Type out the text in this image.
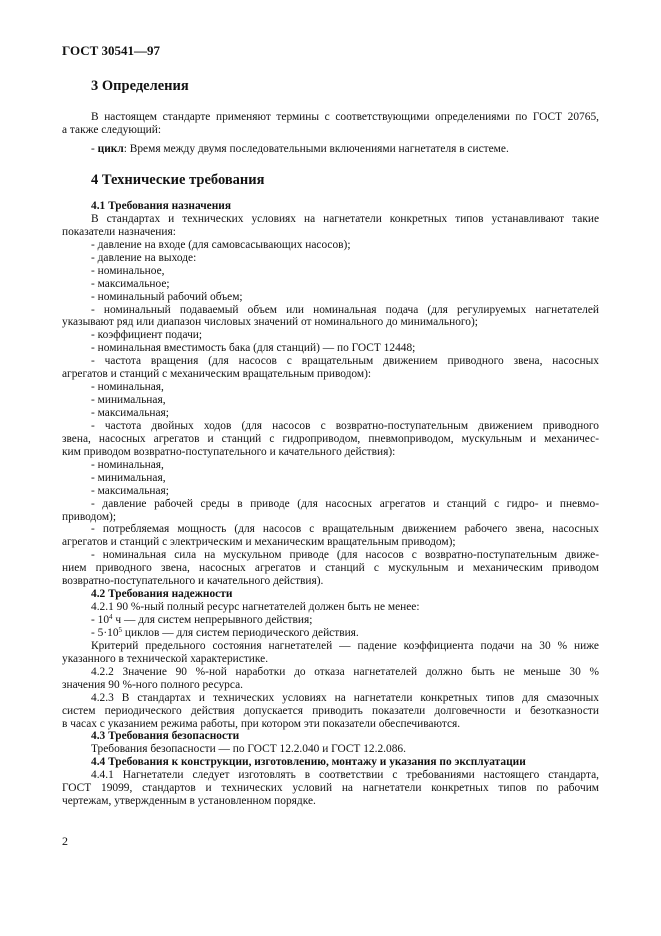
ГОСТ 30541—97
3 Определения
В настоящем стандарте применяют термины с соответствующими определениями по ГОСТ 20765,
а также следующий:
- цикл: Время между двумя последовательными включениями нагнетателя в системе.
4 Технические требования
4.1 Требования назначения
В стандартах и технических условиях на нагнетатели конкретных типов устанавливают такие
показатели назначения:
- давление на входе (для самовсасывающих насосов);
- давление на выходе:
- номинальное,
- максимальное;
- номинальный рабочий объем;
- номинальный подаваемый объем или номинальная подача (для регулируемых нагнетателей
указывают ряд или диапазон числовых значений от номинального до минимального);
- коэффициент подачи;
- номинальная вместимость бака (для станций) — по ГОСТ 12448;
- частота вращения (для насосов с вращательным движением приводного звена, насосных
агрегатов и станций с механическим вращательным приводом):
- номинальная,
- минимальная,
- максимальная;
- частота двойных ходов (для насосов с возвратно-поступательным движением приводного
звена, насосных агрегатов и станций с гидроприводом, пневмоприводом, мускульным и механичес-
ким приводом возвратно-поступательного и качательного действия):
- номинальная,
- минимальная,
- максимальная;
- давление рабочей среды в приводе (для насосных агрегатов и станций с гидро- и пневмо-
приводом);
- потребляемая мощность (для насосов с вращательным движением рабочего звена, насосных
агрегатов и станций с электрическим и механическим вращательным приводом);
- номинальная сила на мускульном приводе (для насосов с возвратно-поступательным движе-
нием приводного звена, насосных агрегатов и станций с мускульным и механическим приводом
возвратно-поступательного и качательного действия).
4.2 Требования надежности
4.2.1 90 %-ный полный ресурс нагнетателей должен быть не менее:
- $10^4$ ч — для систем непрерывного действия;
- $5\cdot 10^5$ циклов — для систем периодического действия.
Критерий предельного состояния нагнетателей — падение коэффициента подачи на 30 % ниже
указанного в технической характеристике.
4.2.2 Значение 90 %-ной наработки до отказа нагнетателей должно быть не меньше 30 %
значения 90 %-ного полного ресурса.
4.2.3 В стандартах и технических условиях на нагнетатели конкретных типов для смазочных
систем периодического действия допускается приводить показатели долговечности и безотказности
в часах с указанием режима работы, при котором эти показатели обеспечиваются.
4.3 Требования безопасности
Требования безопасности — по ГОСТ 12.2.040 и ГОСТ 12.2.086.
4.4 Требования к конструкции, изготовлению, монтажу и указания по эксплуатации
4.4.1 Нагнетатели следует изготовлять в соответствии с требованиями настоящего стандарта,
ГОСТ 19099, стандартов и технических условий на нагнетатели конкретных типов по рабочим
чертежам, утвержденным в установленном порядке.
2
